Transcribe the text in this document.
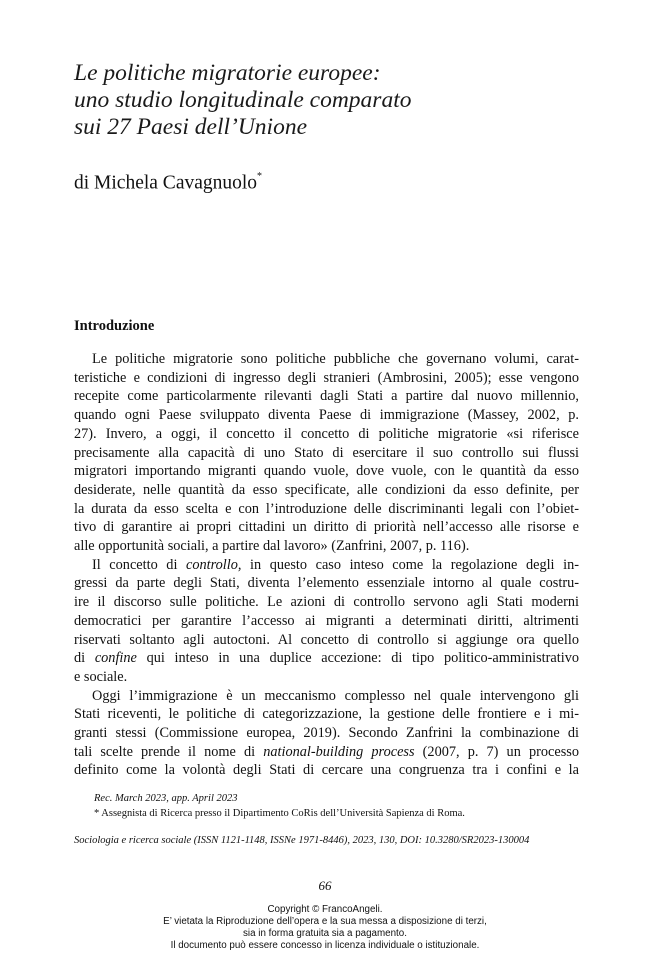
Le politiche migratorie europee:
uno studio longitudinale comparato
sui 27 Paesi dell’Unione
di Michela Cavagnuolo*
Introduzione
Le politiche migratorie sono politiche pubbliche che governano volumi, carat-
teristiche e condizioni di ingresso degli stranieri (Ambrosini, 2005); esse vengono
recepite come particolarmente rilevanti dagli Stati a partire dal nuovo millennio,
quando ogni Paese sviluppato diventa Paese di immigrazione (Massey, 2002, p.
27). Invero, a oggi, il concetto il concetto di politiche migratorie «si riferisce
precisamente alla capacità di uno Stato di esercitare il suo controllo sui flussi
migratori importando migranti quando vuole, dove vuole, con le quantità da esso
desiderate, nelle quantità da esso specificate, alle condizioni da esso definite, per
la durata da esso scelta e con l’introduzione delle discriminanti legali con l’obiet-
tivo di garantire ai propri cittadini un diritto di priorità nell’accesso alle risorse e
alle opportunità sociali, a partire dal lavoro» (Zanfrini, 2007, p. 116).
Il concetto di controllo, in questo caso inteso come la regolazione degli in-
gressi da parte degli Stati, diventa l’elemento essenziale intorno al quale costru-
ire il discorso sulle politiche. Le azioni di controllo servono agli Stati moderni
democratici per garantire l’accesso ai migranti a determinati diritti, altrimenti
riservati soltanto agli autoctoni. Al concetto di controllo si aggiunge ora quello
di confine qui inteso in una duplice accezione: di tipo politico-amministrativo
e sociale.
Oggi l’immigrazione è un meccanismo complesso nel quale intervengono gli
Stati riceventi, le politiche di categorizzazione, la gestione delle frontiere e i mi-
granti stessi (Commissione europea, 2019). Secondo Zanfrini la combinazione di
tali scelte prende il nome di national-building process (2007, p. 7) un processo
definito come la volontà degli Stati di cercare una congruenza tra i confini e la
Rec. March 2023, app. April 2023
* Assegnista di Ricerca presso il Dipartimento CoRis dell’Università Sapienza di Roma.
Sociologia e ricerca sociale (ISSN 1121-1148, ISSNe 1971-8446), 2023, 130, DOI: 10.3280/SR2023-130004
66
Copyright © FrancoAngeli.
E’ vietata la Riproduzione dell’opera e la sua messa a disposizione di terzi,
sia in forma gratuita sia a pagamento.
Il documento può essere concesso in licenza individuale o istituzionale.
